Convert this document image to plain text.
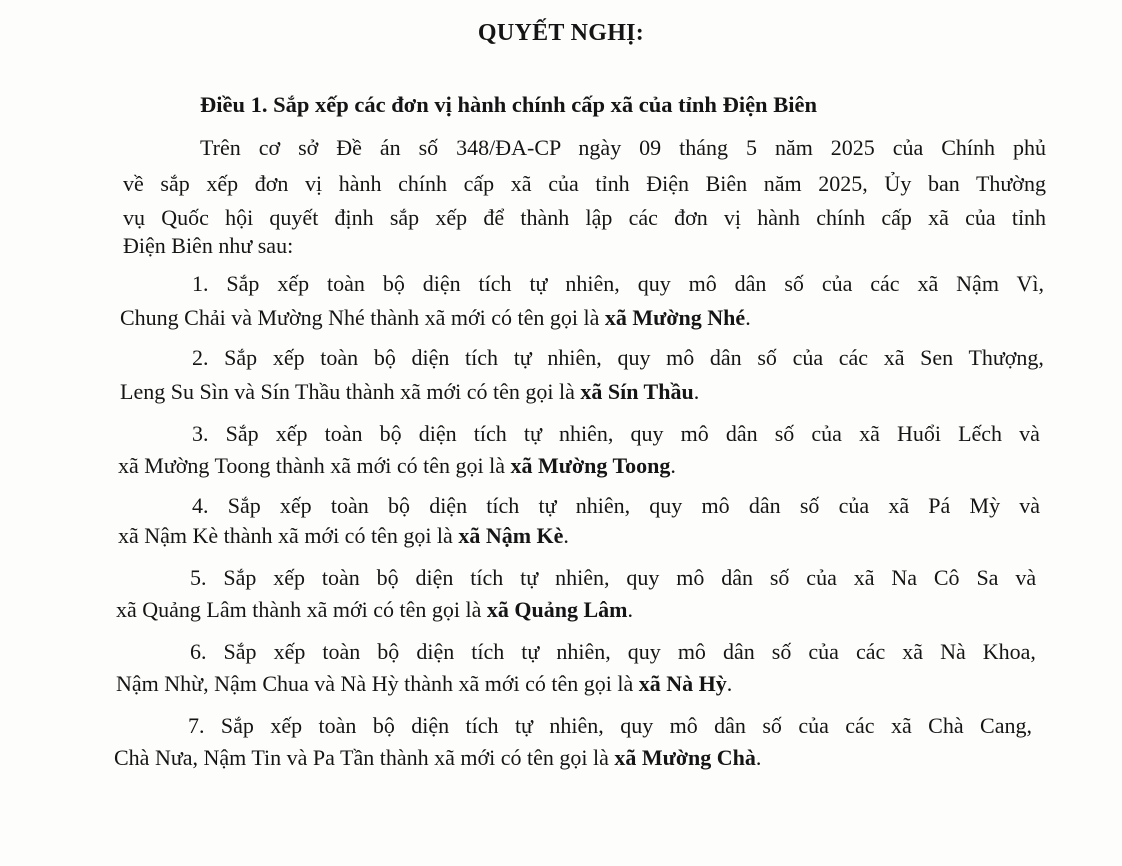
QUYẾT NGHỊ:
Điều 1. Sắp xếp các đơn vị hành chính cấp xã của tỉnh Điện Biên
Trên cơ sở Đề án số 348/ĐA-CP ngày 09 tháng 5 năm 2025 của Chính phủ
về sắp xếp đơn vị hành chính cấp xã của tỉnh Điện Biên năm 2025, Ủy ban Thường
vụ Quốc hội quyết định sắp xếp để thành lập các đơn vị hành chính cấp xã của tỉnh
Điện Biên như sau:
1. Sắp xếp toàn bộ diện tích tự nhiên, quy mô dân số của các xã Nậm Vì,
Chung Chải và Mường Nhé thành xã mới có tên gọi là xã Mường Nhé.
2. Sắp xếp toàn bộ diện tích tự nhiên, quy mô dân số của các xã Sen Thượng,
Leng Su Sìn và Sín Thầu thành xã mới có tên gọi là xã Sín Thầu.
3. Sắp xếp toàn bộ diện tích tự nhiên, quy mô dân số của xã Huổi Lếch và
xã Mường Toong thành xã mới có tên gọi là xã Mường Toong.
4. Sắp xếp toàn bộ diện tích tự nhiên, quy mô dân số của xã Pá Mỳ và
xã Nậm Kè thành xã mới có tên gọi là xã Nậm Kè.
5. Sắp xếp toàn bộ diện tích tự nhiên, quy mô dân số của xã Na Cô Sa và
xã Quảng Lâm thành xã mới có tên gọi là xã Quảng Lâm.
6. Sắp xếp toàn bộ diện tích tự nhiên, quy mô dân số của các xã Nà Khoa,
Nậm Nhừ, Nậm Chua và Nà Hỳ thành xã mới có tên gọi là xã Nà Hỳ.
7. Sắp xếp toàn bộ diện tích tự nhiên, quy mô dân số của các xã Chà Cang,
Chà Nưa, Nậm Tin và Pa Tần thành xã mới có tên gọi là xã Mường Chà.
